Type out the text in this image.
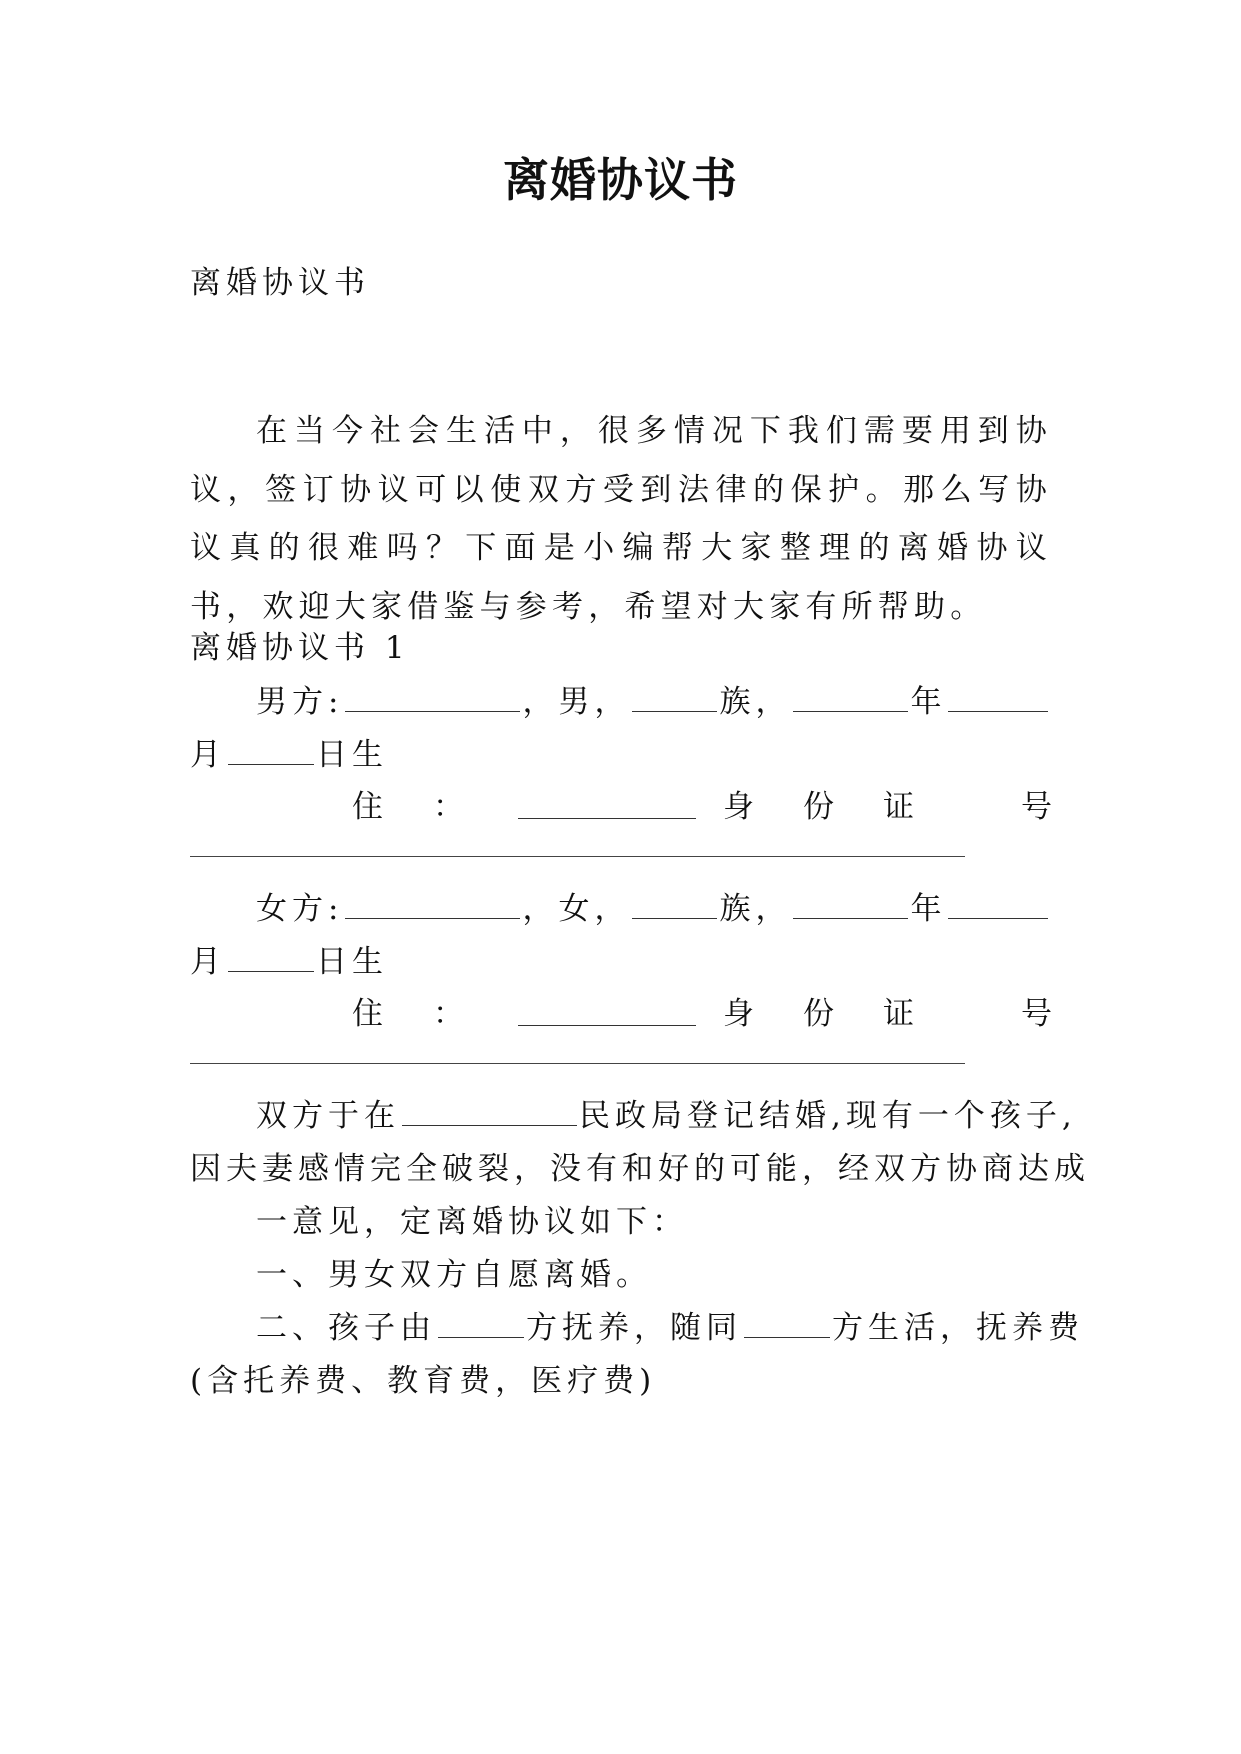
离婚协议书
离婚协议书
在当今社会生活中，很多情况下我们需要用到协议，签订协议可以使双方受到法律的保护。那么写协议真的很难吗？下面是小编帮大家整理的离婚协议书，欢迎大家借鉴与参考，希望对大家有所帮助。
离婚协议书 1
男方:	，男，	族，	年
月	日生
住 ：	身 份 证	号
女方:	，女，	族，	年
月	日生
住 ：	身 份 证	号
双方于在	民政局登记结婚,现有一个孩子,
因夫妻感情完全破裂，没有和好的可能，经双方协商达成
一意见，定离婚协议如下：
一、男女双方自愿离婚。
二、孩子由	方抚养，随同	方生活，抚养费
(含托养费、教育费，医疗费)
